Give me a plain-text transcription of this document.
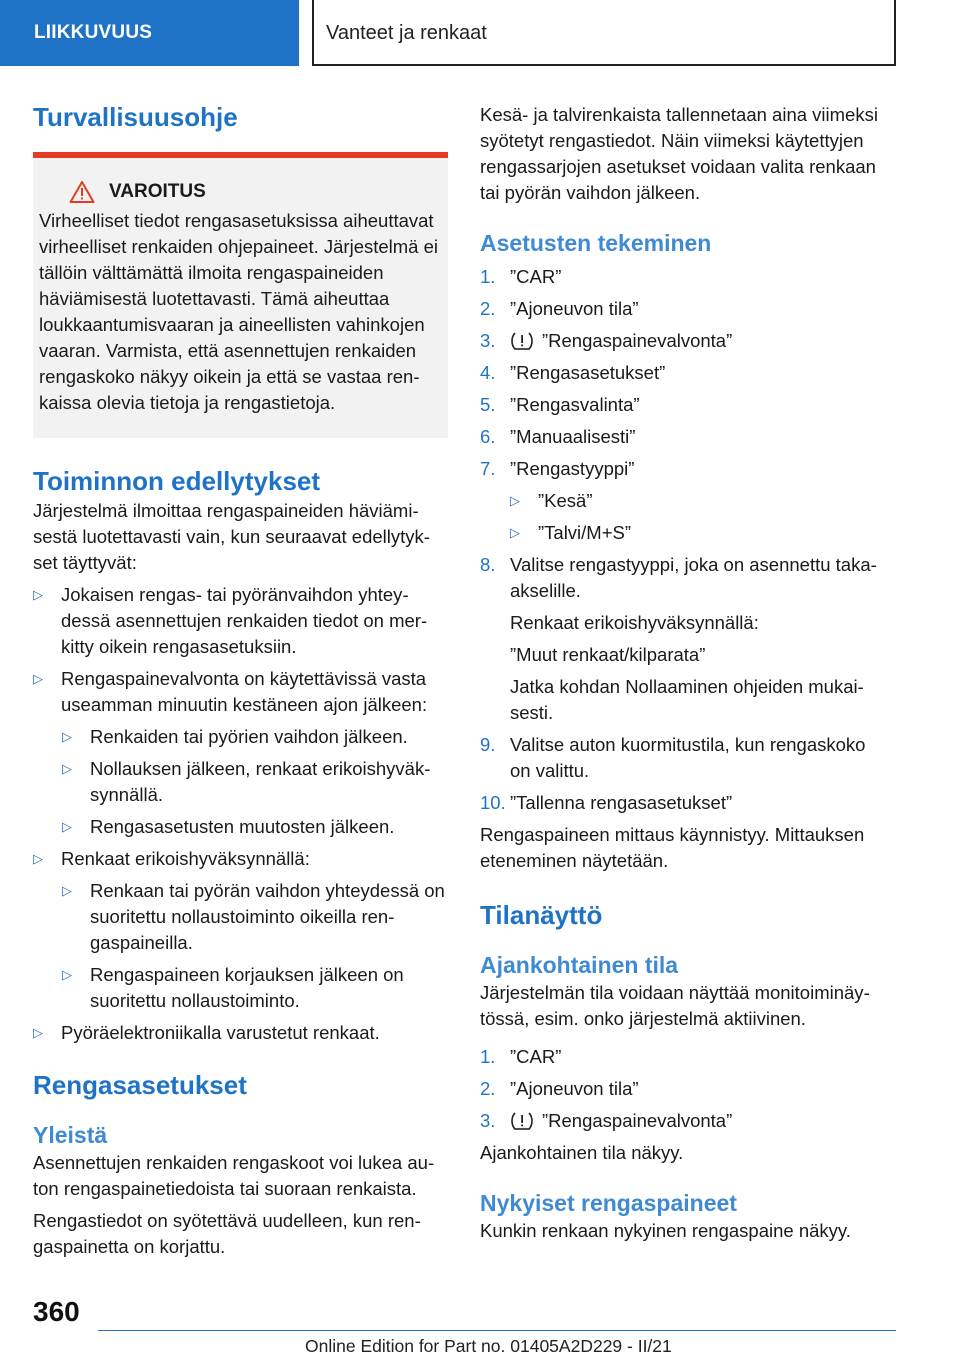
LIIKKUVUUS	Vanteet ja renkaat
Turvallisuusohje
VAROITUS
Virheelliset tiedot rengasasetuksissa aiheuttavat virheelliset renkaiden ohjepaineet. Järjestelmä ei tällöin välttämättä ilmoita rengaspaineiden häviämisestä luotettavasti. Tämä aiheuttaa loukkaantumisvaaran ja aineellisten vahinkojen vaaran. Varmista, että asennettujen renkaiden rengaskoko näkyy oikein ja että se vastaa renkaissa olevia tietoja ja rengastietoja.
Toiminnon edellytykset
Järjestelmä ilmoittaa rengaspaineiden häviämisestä luotettavasti vain, kun seuraavat edellytykset täyttyvät:
▷ Jokaisen rengas- tai pyöränvaihdon yhteydessä asennettujen renkaiden tiedot on merkitty oikein rengasasetuksiin.
▷ Rengaspainevalvonta on käytettävissä vasta useamman minuutin kestäneen ajon jälkeen:
▷ Renkaiden tai pyörien vaihdon jälkeen.
▷ Nollauksen jälkeen, renkaat erikoishyväksynnällä.
▷ Rengasasetusten muutosten jälkeen.
▷ Renkaat erikoishyväksynnällä:
▷ Renkaan tai pyörän vaihdon yhteydessä on suoritettu nollaustoiminto oikeilla rengaspaineilla.
▷ Rengaspaineen korjauksen jälkeen on suoritettu nollaustoiminto.
▷ Pyöräelektroniikalla varustetut renkaat.
Rengasasetukset
Yleistä
Asennettujen renkaiden rengaskoot voi lukea auton rengaspainetiedoista tai suoraan renkaista.
Rengastiedot on syötettävä uudelleen, kun rengaspainetta on korjattu.
Kesä- ja talvirenkaista tallennetaan aina viimeksi syötetyt rengastiedot. Näin viimeksi käytettyjen rengassarjojen asetukset voidaan valita renkaan tai pyörän vaihdon jälkeen.
Asetusten tekeminen
1. ”CAR”
2. ”Ajoneuvon tila”
3.	”Rengaspainevalvonta”
4. ”Rengasasetukset”
5. ”Rengasvalinta”
6. ”Manuaalisesti”
7. ”Rengastyyppi”
▷ ”Kesä”
▷ ”Talvi/M+S”
8. Valitse rengastyyppi, joka on asennettu takaakselille.
Renkaat erikoishyväksynnällä:
”Muut renkaat/kilparata”
Jatka kohdan Nollaaminen ohjeiden mukaisesti.
9. Valitse auton kuormitustila, kun rengaskoko on valittu.
10. ”Tallenna rengasasetukset”
Rengaspaineen mittaus käynnistyy. Mittauksen eteneminen näytetään.
Tilanäyttö
Ajankohtainen tila
Järjestelmän tila voidaan näyttää monitoiminäytössä, esim. onko järjestelmä aktiivinen.
1. ”CAR”
2. ”Ajoneuvon tila”
3.	”Rengaspainevalvonta”
Ajankohtainen tila näkyy.
Nykyiset rengaspaineet
Kunkin renkaan nykyinen rengaspaine näkyy.
360
Online Edition for Part no. 01405A2D229 - II/21
